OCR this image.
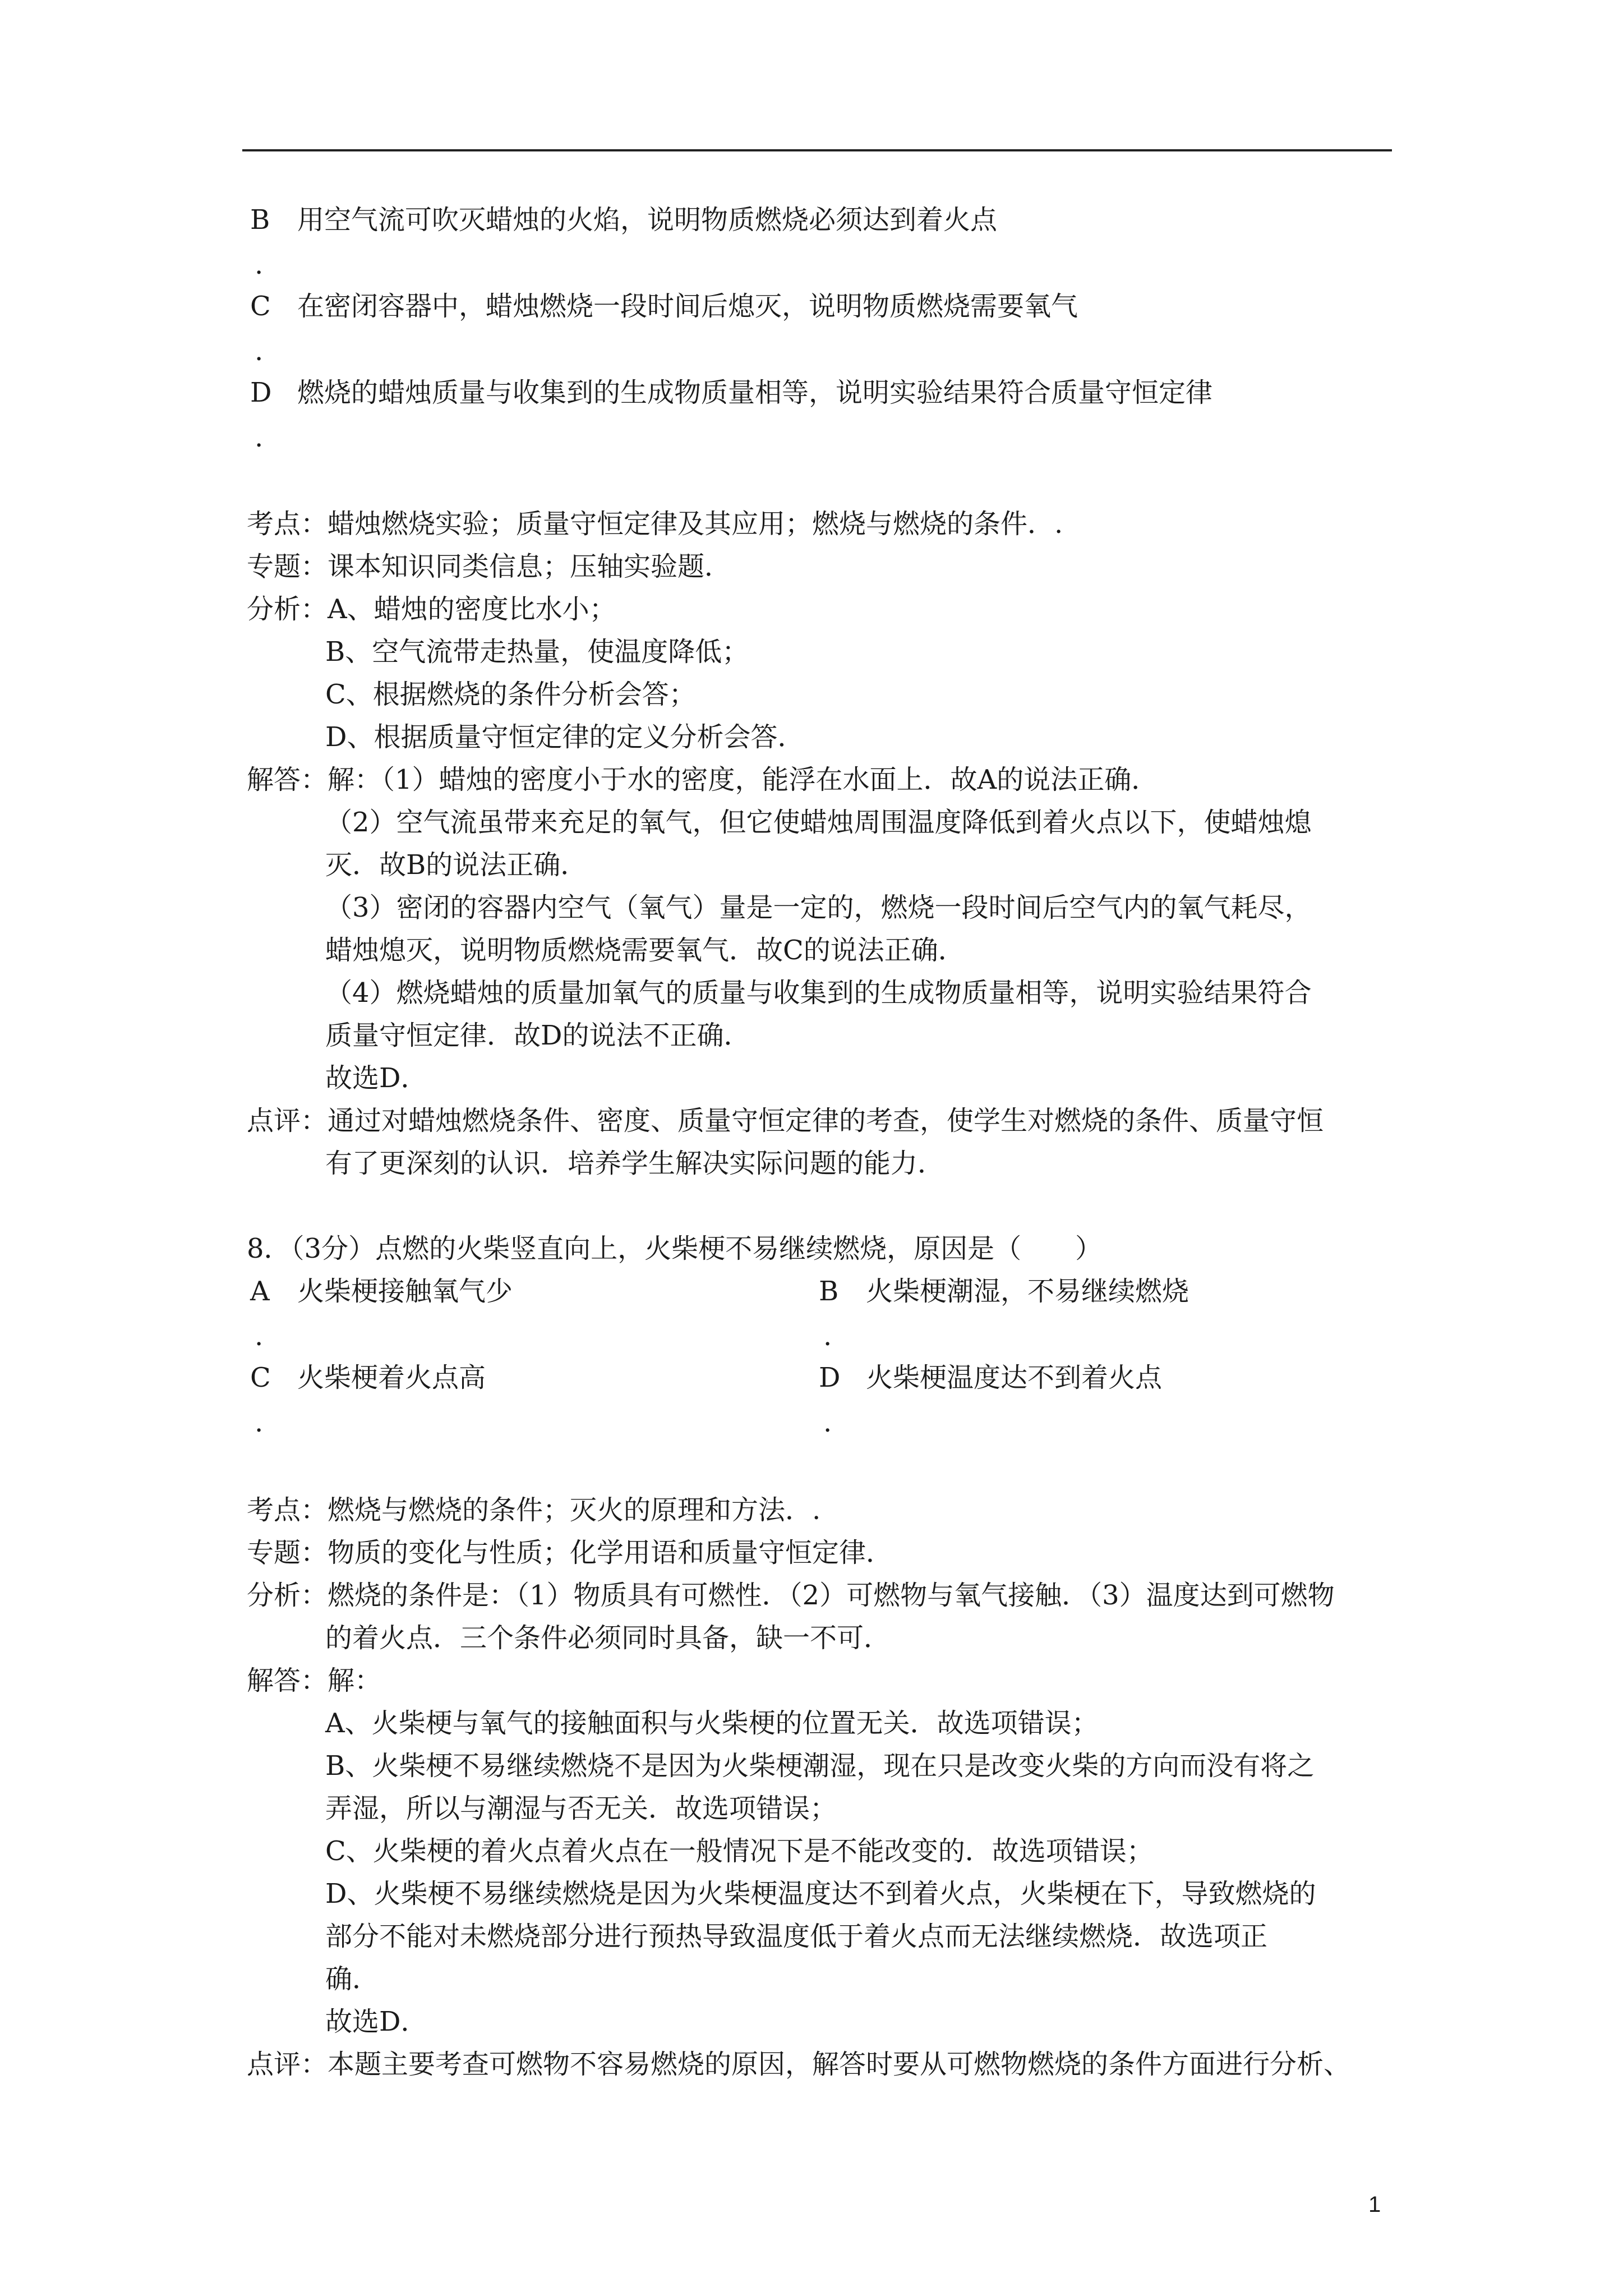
B 用空气流可吹灭蜡烛的火焰，说明物质燃烧必须达到着火点
.
C 在密闭容器中，蜡烛燃烧一段时间后熄灭，说明物质燃烧需要氧气
.
D 燃烧的蜡烛质量与收集到的生成物质量相等，说明实验结果符合质量守恒定律
.
考点：蜡烛燃烧实验；质量守恒定律及其应用；燃烧与燃烧的条件．.
专题：课本知识同类信息；压轴实验题．
分析：A、蜡烛的密度比水小；
B、空气流带走热量，使温度降低；
C、根据燃烧的条件分析会答；
D、根据质量守恒定律的定义分析会答．
解答：解：（1）蜡烛的密度小于水的密度，能浮在水面上．故A的说法正确．
（2）空气流虽带来充足的氧气，但它使蜡烛周围温度降低到着火点以下，使蜡烛熄
灭．故B的说法正确．
（3）密闭的容器内空气（氧气）量是一定的，燃烧一段时间后空气内的氧气耗尽，
蜡烛熄灭，说明物质燃烧需要氧气．故C的说法正确．
（4）燃烧蜡烛的质量加氧气的质量与收集到的生成物质量相等，说明实验结果符合
质量守恒定律．故D的说法不正确．
故选D．
点评：通过对蜡烛燃烧条件、密度、质量守恒定律的考查，使学生对燃烧的条件、质量守恒
有了更深刻的认识．培养学生解决实际问题的能力．
8．（3分）点燃的火柴竖直向上，火柴梗不易继续燃烧，原因是（　　）
A 火柴梗接触氧气少
.
B 火柴梗潮湿，不易继续燃烧
.
C 火柴梗着火点高
.
D 火柴梗温度达不到着火点
.
考点：燃烧与燃烧的条件；灭火的原理和方法．.
专题：物质的变化与性质；化学用语和质量守恒定律．
分析：燃烧的条件是：（1）物质具有可燃性．（2）可燃物与氧气接触．（3）温度达到可燃物
的着火点．三个条件必须同时具备，缺一不可．
解答：解：
A、火柴梗与氧气的接触面积与火柴梗的位置无关．故选项错误；
B、火柴梗不易继续燃烧不是因为火柴梗潮湿，现在只是改变火柴的方向而没有将之
弄湿，所以与潮湿与否无关．故选项错误；
C、火柴梗的着火点着火点在一般情况下是不能改变的．故选项错误；
D、火柴梗不易继续燃烧是因为火柴梗温度达不到着火点，火柴梗在下，导致燃烧的
部分不能对未燃烧部分进行预热导致温度低于着火点而无法继续燃烧．故选项正
确．
故选D．
点评：本题主要考查可燃物不容易燃烧的原因，解答时要从可燃物燃烧的条件方面进行分析、
1
